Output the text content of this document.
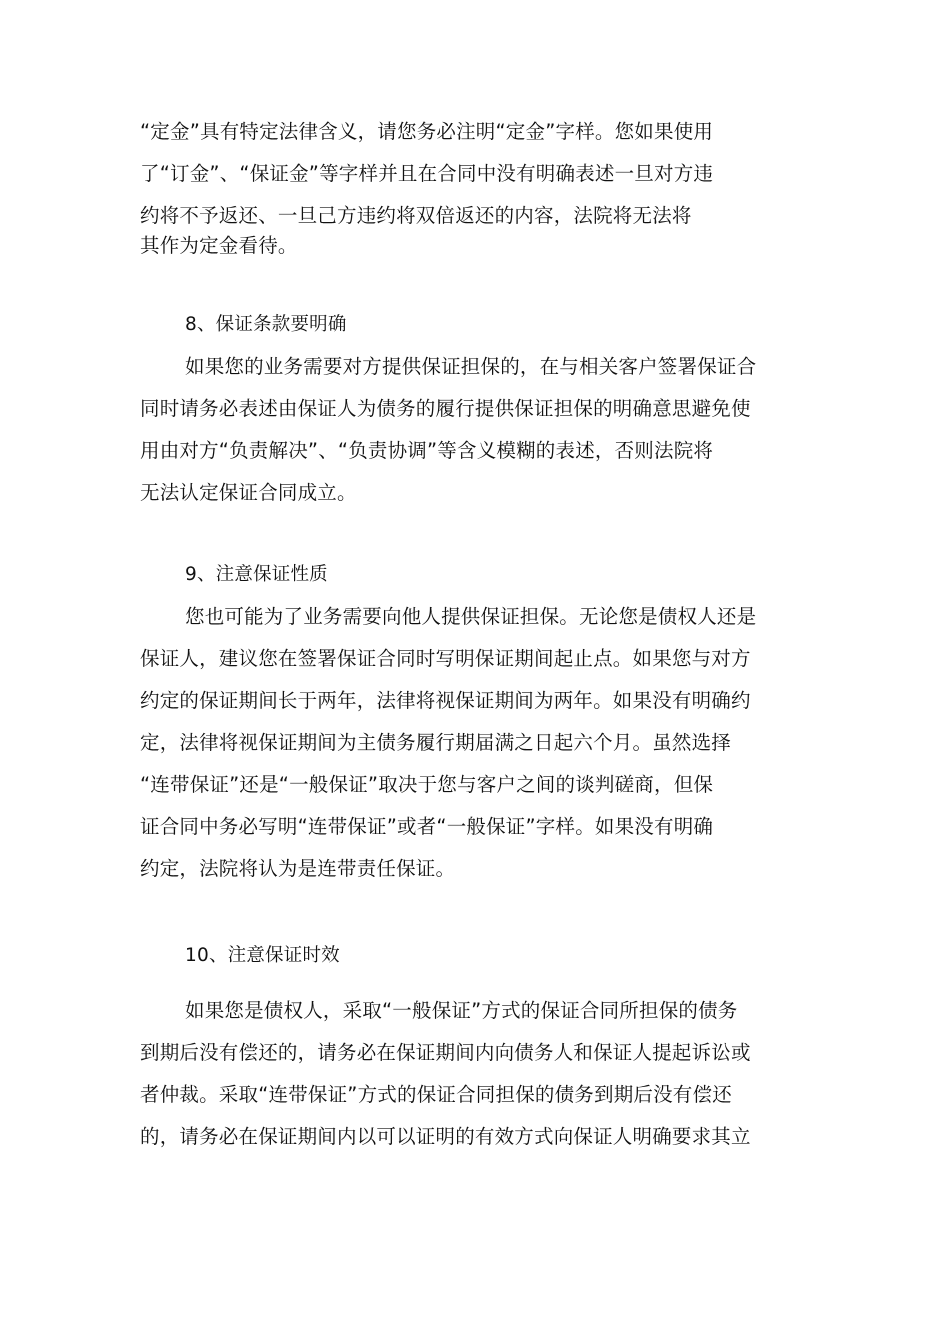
“定金”具有特定法律含义，请您务必注明“定金”字样。您如果使用
了“订金”、“保证金”等字样并且在合同中没有明确表述一旦对方违
约将不予返还、一旦己方违约将双倍返还的内容，法院将无法将
其作为定金看待。
8、保证条款要明确
如果您的业务需要对方提供保证担保的，在与相关客户签署保证合
同时请务必表述由保证人为债务的履行提供保证担保的明确意思避免使
用由对方“负责解决”、“负责协调”等含义模糊的表述，否则法院将
无法认定保证合同成立。
9、注意保证性质
您也可能为了业务需要向他人提供保证担保。无论您是债权人还是
保证人，建议您在签署保证合同时写明保证期间起止点。如果您与对方
约定的保证期间长于两年，法律将视保证期间为两年。如果没有明确约
定，法律将视保证期间为主债务履行期届满之日起六个月。虽然选择
“连带保证”还是“一般保证”取决于您与客户之间的谈判磋商，但保
证合同中务必写明“连带保证”或者“一般保证”字样。如果没有明确
约定，法院将认为是连带责任保证。
10、注意保证时效
如果您是债权人，采取“一般保证”方式的保证合同所担保的债务
到期后没有偿还的，请务必在保证期间内向债务人和保证人提起诉讼或
者仲裁。采取“连带保证”方式的保证合同担保的债务到期后没有偿还
的，请务必在保证期间内以可以证明的有效方式向保证人明确要求其立
